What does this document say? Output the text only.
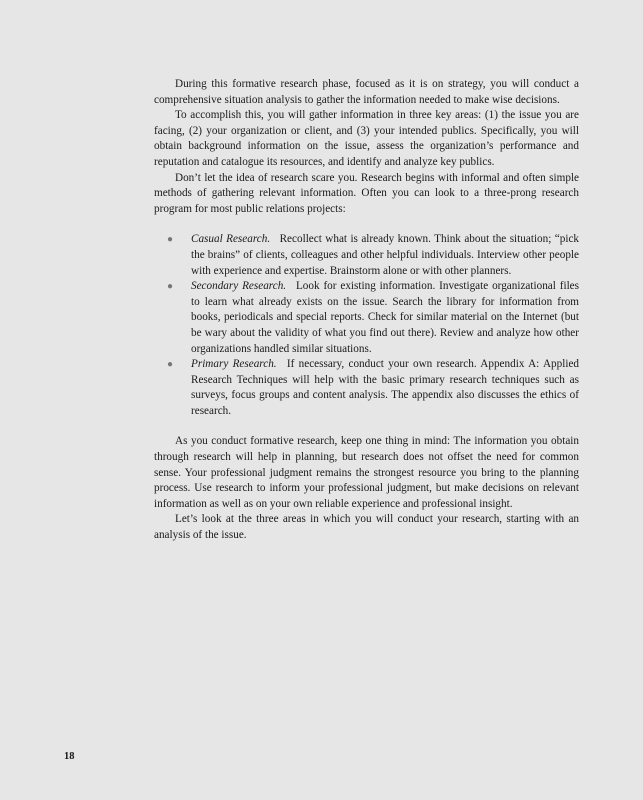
During this formative research phase, focused as it is on strategy, you will conduct a comprehensive situation analysis to gather the information needed to make wise decisions.

To accomplish this, you will gather information in three key areas: (1) the issue you are facing, (2) your organization or client, and (3) your intended publics. Specifically, you will obtain background information on the issue, assess the organization’s performance and reputation and catalogue its resources, and identify and analyze key publics.

Don’t let the idea of research scare you. Research begins with informal and often simple methods of gathering relevant information. Often you can look to a three-prong research program for most public relations projects:

● Casual Research. Recollect what is already known. Think about the situation; “pick the brains” of clients, colleagues and other helpful individuals. Interview other people with experience and expertise. Brainstorm alone or with other planners.
● Secondary Research. Look for existing information. Investigate organizational files to learn what already exists on the issue. Search the library for information from books, periodicals and special reports. Check for similar material on the Internet (but be wary about the validity of what you find out there). Review and analyze how other organizations handled similar situations.
● Primary Research. If necessary, conduct your own research. Appendix A: Applied Research Techniques will help with the basic primary research techniques such as surveys, focus groups and content analysis. The appendix also discusses the ethics of research.

As you conduct formative research, keep one thing in mind: The information you obtain through research will help in planning, but research does not offset the need for common sense. Your professional judgment remains the strongest resource you bring to the planning process. Use research to inform your professional judgment, but make decisions on relevant information as well as on your own reliable experience and professional insight.

Let’s look at the three areas in which you will conduct your research, starting with an analysis of the issue.

18
